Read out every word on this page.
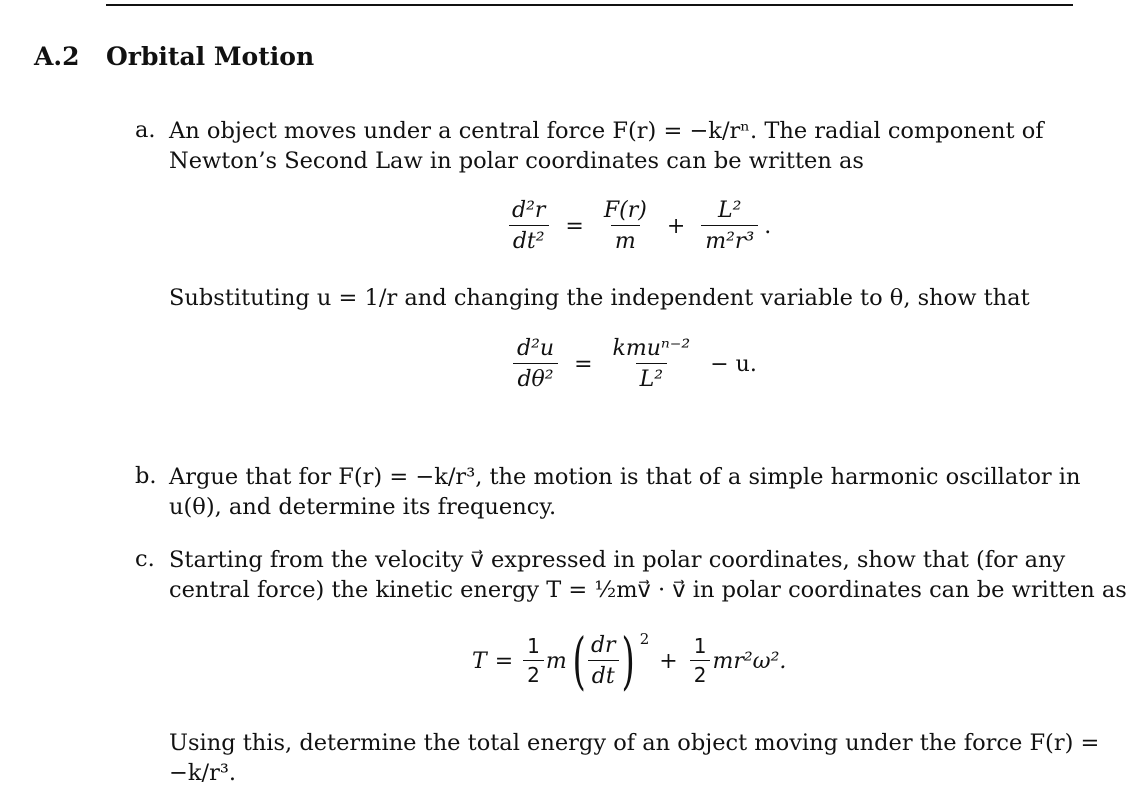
A.2 Orbital Motion
a. An object moves under a central force F(r) = −k/rⁿ. The radial component of
Newton’s Second Law in polar coordinates can be written as
$\frac{\text{d²r}}{\text{dt²}} = \frac{F(r)}{m} + \frac{\text{L²}}{\text{m²r³}}$ .
Substituting u = 1/r and changing the independent variable to θ, show that
$\frac{\text{d²u}}{\text{dθ²}} = \frac{\text{kmuⁿ⁻²}}{\text{L²}} - u$.
b. Argue that for F(r) = −k/r³, the motion is that of a simple harmonic oscillator in
u(θ), and determine its frequency.
c. Starting from the velocity v⃗ expressed in polar coordinates, show that (for any
central force) the kinetic energy T = ½mv⃗ · v⃗ in polar coordinates can be written as
$T = \frac{1}{2}$ m ( $\frac{dr}{dt}$ ) 2
+ $\frac{1}{2} mr^2\omega^2$.
Using this, determine the total energy of an object moving under the force F(r) =
−k/r³.
